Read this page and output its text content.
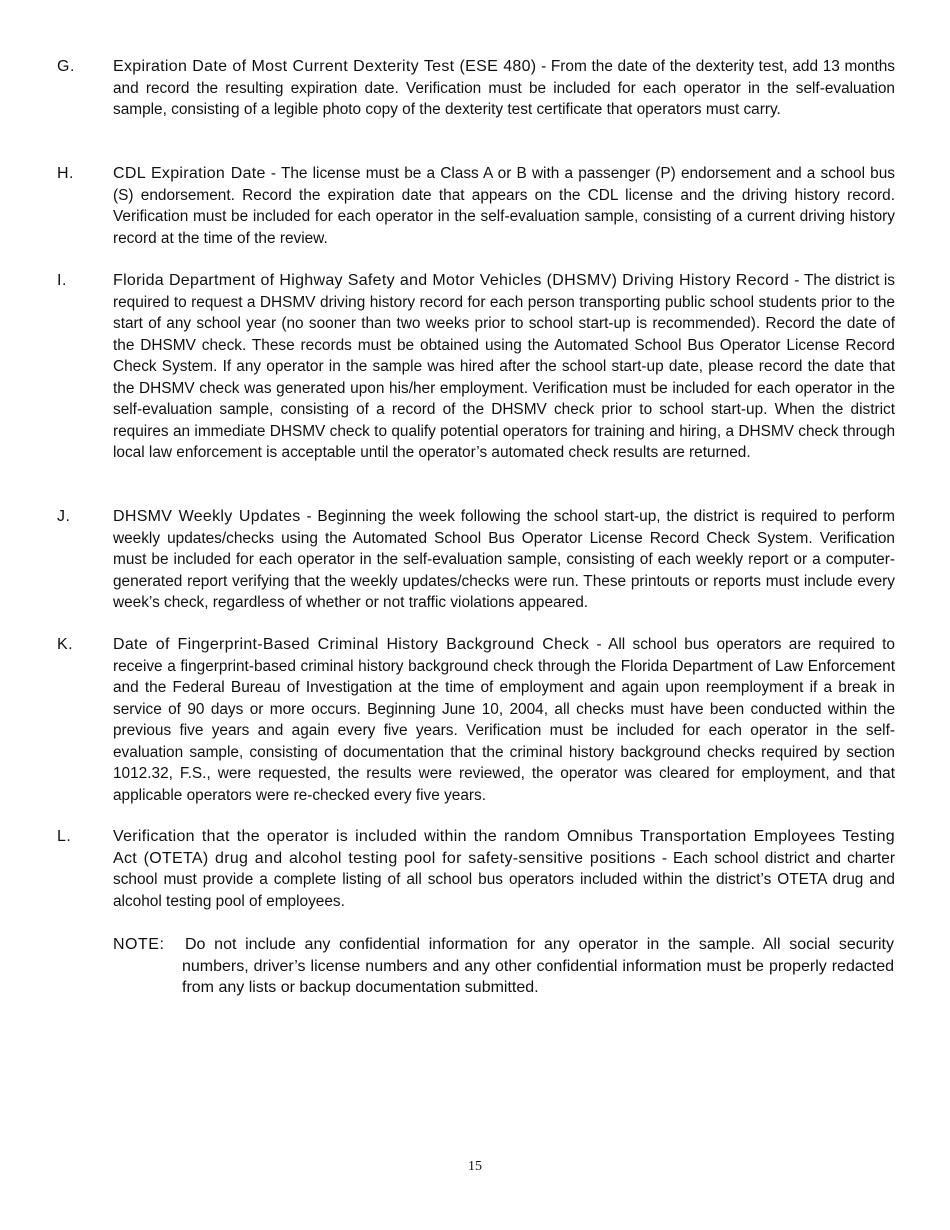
G. Expiration Date of Most Current Dexterity Test (ESE 480) - From the date of the dexterity test, add 13 months and record the resulting expiration date. Verification must be included for each operator in the self-evaluation sample, consisting of a legible photo copy of the dexterity test certificate that operators must carry.
H. CDL Expiration Date - The license must be a Class A or B with a passenger (P) endorsement and a school bus (S) endorsement. Record the expiration date that appears on the CDL license and the driving history record. Verification must be included for each operator in the self-evaluation sample, consisting of a current driving history record at the time of the review.
I.	Florida Department of Highway Safety and Motor Vehicles (DHSMV) Driving History Record - The district is required to request a DHSMV driving history record for each person transporting public school students prior to the start of any school year (no sooner than two weeks prior to school start-up is recommended). Record the date of the DHSMV check. These records must be obtained using the Automated School Bus Operator License Record Check System. If any operator in the sample was hired after the school start-up date, please record the date that the DHSMV check was generated upon his/her employment. Verification must be included for each operator in the self-evaluation sample, consisting of a record of the DHSMV check prior to school start-up. When the district requires an immediate DHSMV check to qualify potential operators for training and hiring, a DHSMV check through local law enforcement is acceptable until the operator’s automated check results are returned.
J.	DHSMV Weekly Updates - Beginning the week following the school start-up, the district is required to perform weekly updates/checks using the Automated School Bus Operator License Record Check System. Verification must be included for each operator in the self-evaluation sample, consisting of each weekly report or a computer-generated report verifying that the weekly updates/checks were run. These printouts or reports must include every week’s check, regardless of whether or not traffic violations appeared.
K. Date of Fingerprint-Based Criminal History Background Check - All school bus operators are required to receive a fingerprint-based criminal history background check through the Florida Department of Law Enforcement and the Federal Bureau of Investigation at the time of employment and again upon reemployment if a break in service of 90 days or more occurs. Beginning June 10, 2004, all checks must have been conducted within the previous five years and again every five years. Verification must be included for each operator in the self-evaluation sample, consisting of documentation that the criminal history background checks required by section 1012.32, F.S., were requested, the results were reviewed, the operator was cleared for employment, and that applicable operators were re-checked every five years.
L.	Verification that the operator is included within the random Omnibus Transportation Employees Testing Act (OTETA) drug and alcohol testing pool for safety-sensitive positions - Each school district and charter school must provide a complete listing of all school bus operators included within the district’s OTETA drug and alcohol testing pool of employees.
NOTE:	Do not include any confidential information for any operator in the sample. All social security numbers, driver’s license numbers and any other confidential information must be properly redacted from any lists or backup documentation submitted.
15
